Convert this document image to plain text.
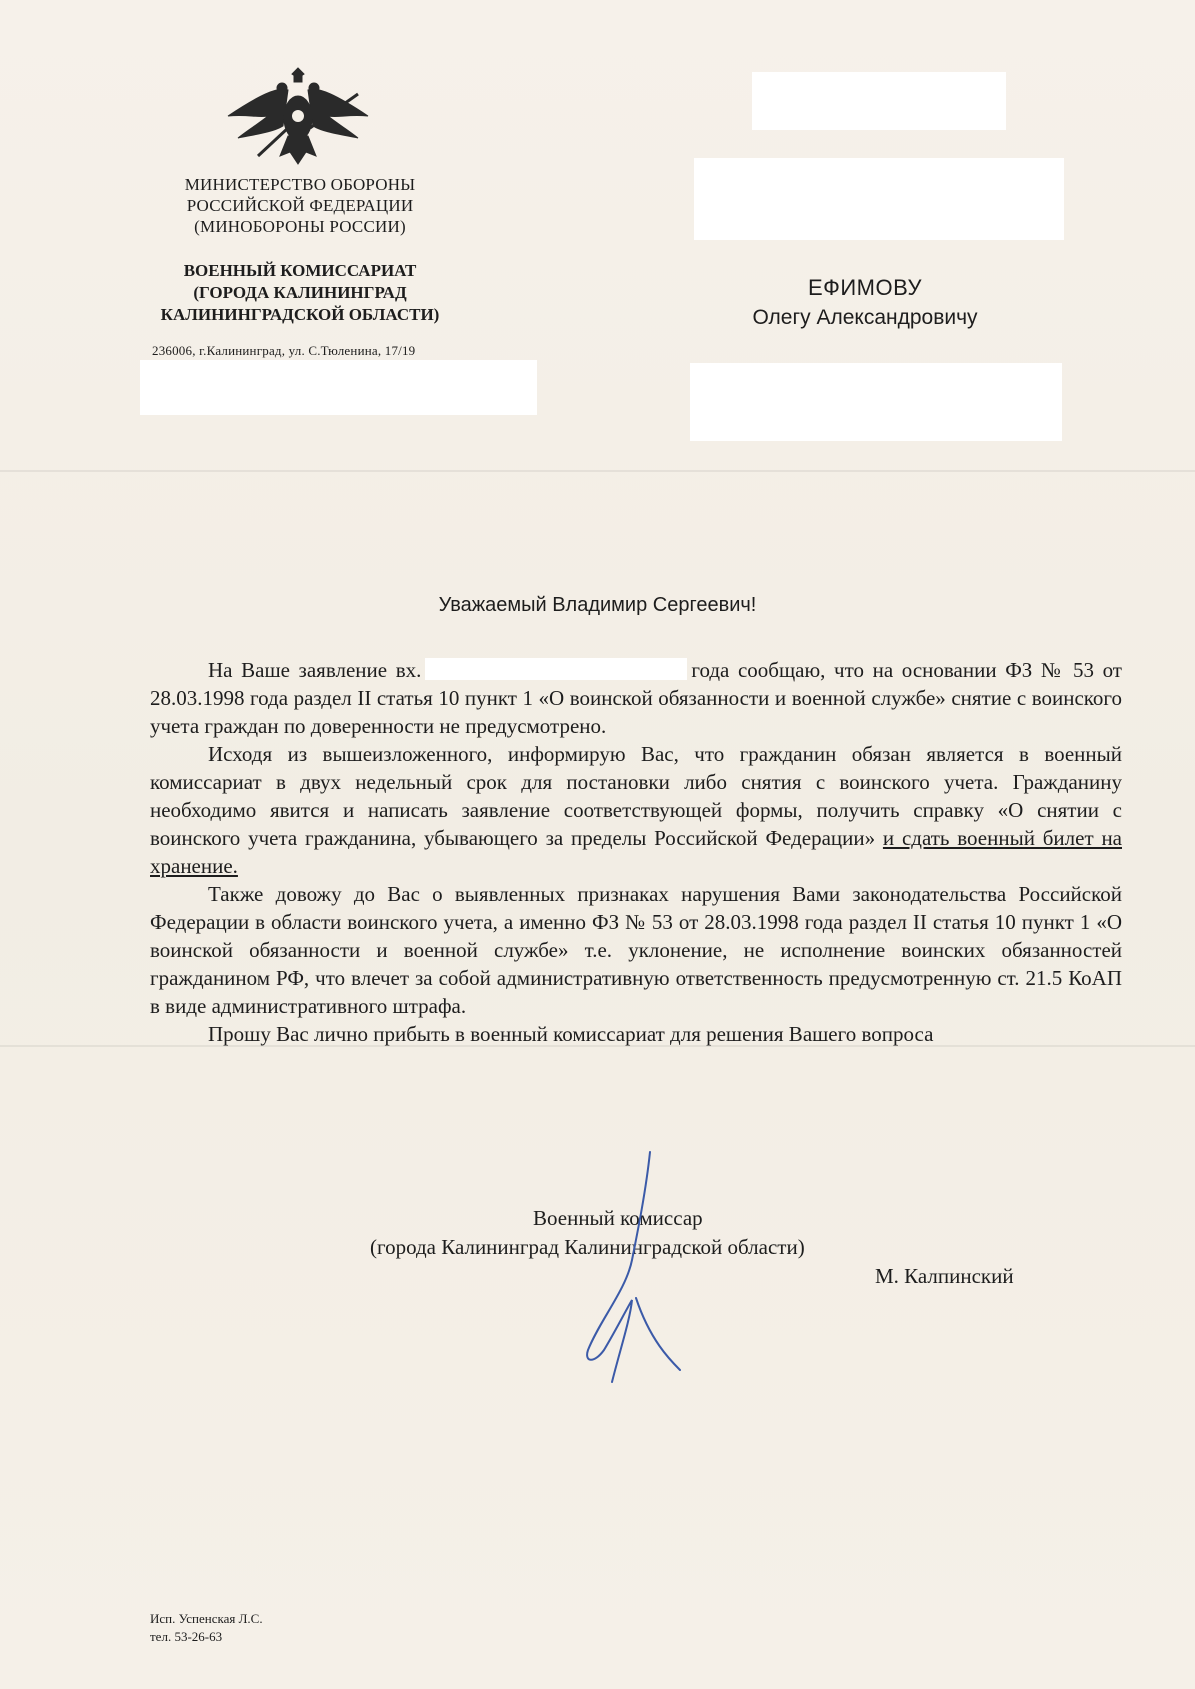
МИНИСТЕРСТВО ОБОРОНЫ
РОССИЙСКОЙ ФЕДЕРАЦИИ
(МИНОБОРОНЫ РОССИИ)
ВОЕННЫЙ КОМИССАРИАТ
(ГОРОДА КАЛИНИНГРАД
КАЛИНИНГРАДСКОЙ ОБЛАСТИ)
236006, г.Калининград, ул. С.Тюленина, 17/19
ЕФИМОВУ
Олегу Александровичу
Уважаемый Владимир Сергеевич!

На Ваше заявление вх.	года сообщаю, что на основании ФЗ № 53 от 28.03.1998 года раздел II статья 10 пункт 1 «О воинской обязанности и военной службе» снятие с воинского учета граждан по доверенности не предусмотрено.

Исходя из вышеизложенного, информирую Вас, что гражданин обязан является в военный комиссариат в двух недельный срок для постановки либо снятия с воинского учета. Гражданину необходимо явится и написать заявление соответствующей формы, получить справку «О снятии с воинского учета гражданина, убывающего за пределы Российской Федерации» и сдать военный билет на хранение.

Также довожу до Вас о выявленных признаках нарушения Вами законодательства Российской Федерации в области воинского учета, а именно ФЗ № 53 от 28.03.1998 года раздел II статья 10 пункт 1 «О воинской обязанности и военной службе» т.е. уклонение, не исполнение воинских обязанностей гражданином РФ, что влечет за собой административную ответственность предусмотренную ст. 21.5 КоАП в виде административного штрафа.

Прошу Вас лично прибыть в военный комиссариат для решения Вашего вопроса

Военный комиссар
(города Калининград Калининградской области)
М. Калпинский
Исп. Успенская Л.С.
тел. 53-26-63
